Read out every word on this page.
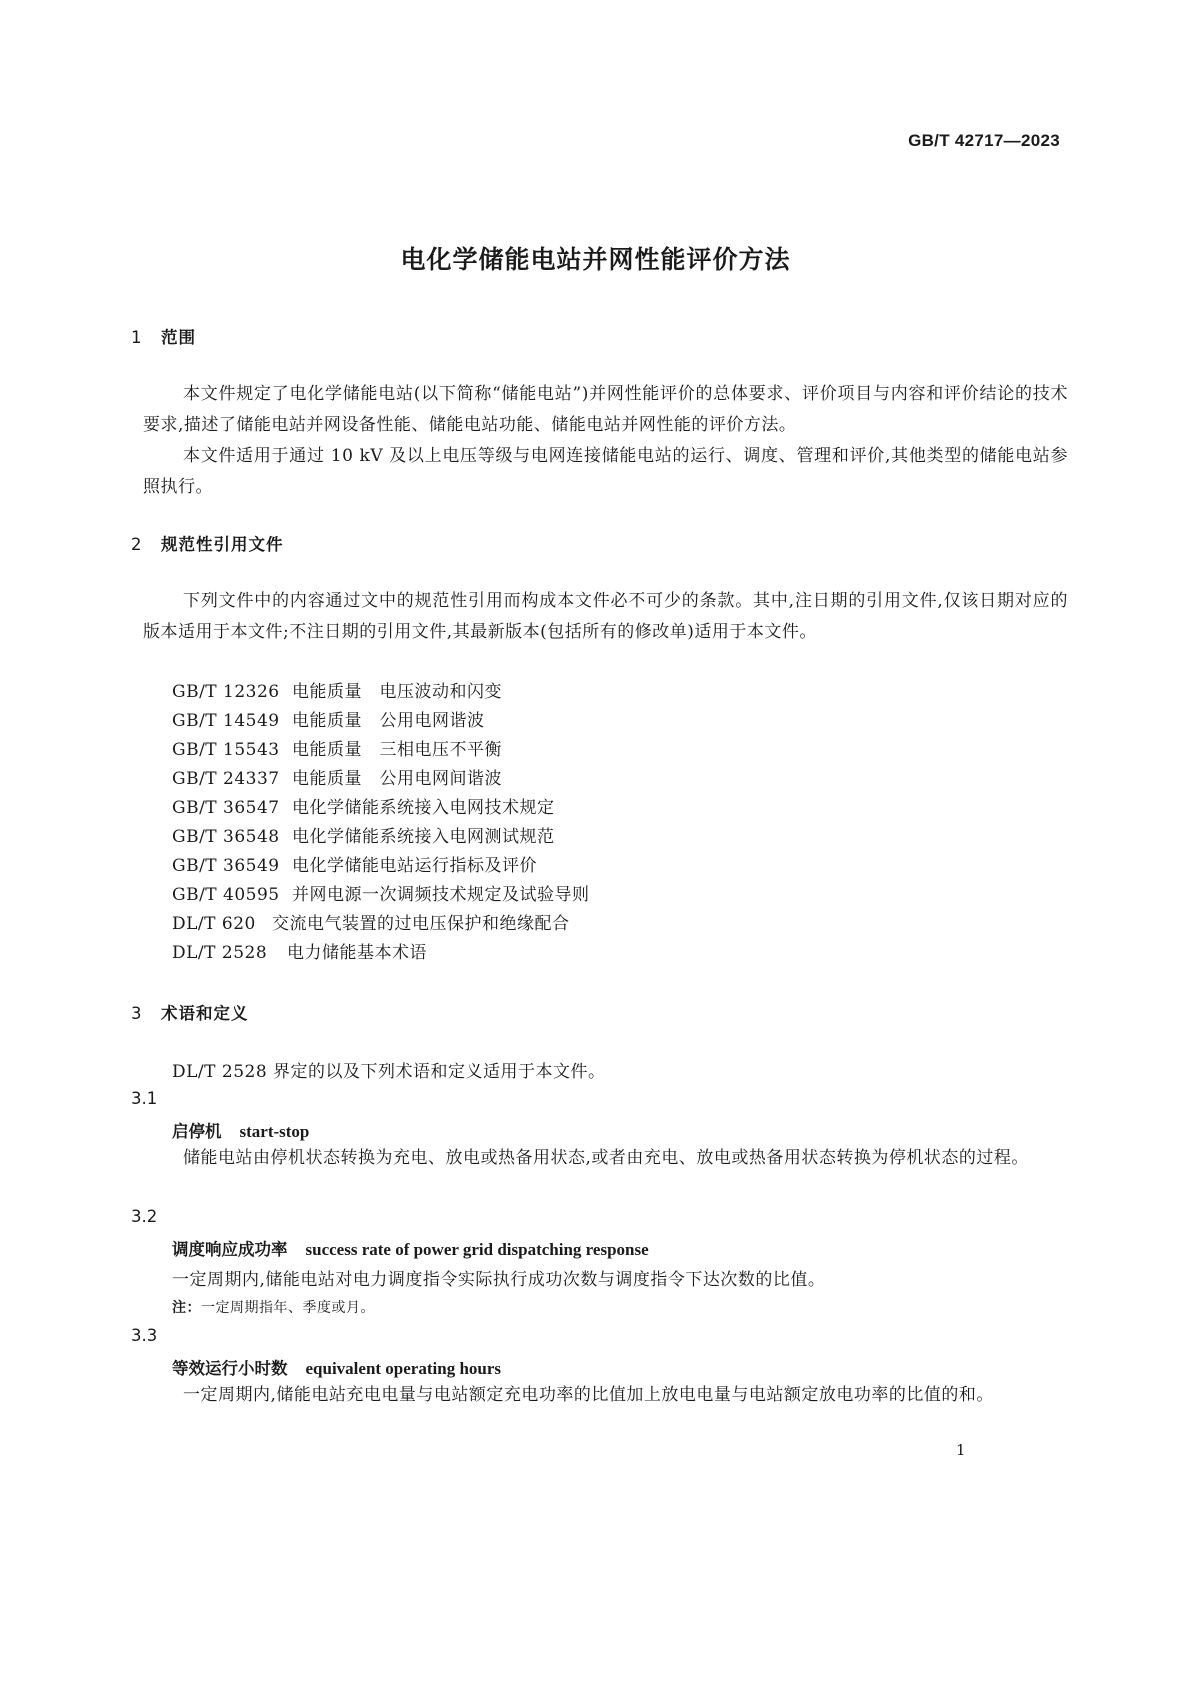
GB/T 42717—2023
电化学储能电站并网性能评价方法
1 范围
本文件规定了电化学储能电站(以下简称“储能电站”)并网性能评价的总体要求、评价项目与内容和评价结论的技术要求,描述了储能电站并网设备性能、储能电站功能、储能电站并网性能的评价方法。
本文件适用于通过 10 kV 及以上电压等级与电网连接储能电站的运行、调度、管理和评价,其他类型的储能电站参照执行。
2 规范性引用文件
下列文件中的内容通过文中的规范性引用而构成本文件必不可少的条款。其中,注日期的引用文件,仅该日期对应的版本适用于本文件;不注日期的引用文件,其最新版本(包括所有的修改单)适用于本文件。
GB/T 12326 电能质量　电压波动和闪变
GB/T 14549 电能质量　公用电网谐波
GB/T 15543 电能质量　三相电压不平衡
GB/T 24337 电能质量　公用电网间谐波
GB/T 36547 电化学储能系统接入电网技术规定
GB/T 36548 电化学储能系统接入电网测试规范
GB/T 36549 电化学储能电站运行指标及评价
GB/T 40595 并网电源一次调频技术规定及试验导则
DL/T 620 交流电气装置的过电压保护和绝缘配合
DL/T 2528 电力储能基本术语
3 术语和定义
DL/T 2528 界定的以及下列术语和定义适用于本文件。
3.1
启停机 start-stop
储能电站由停机状态转换为充电、放电或热备用状态,或者由充电、放电或热备用状态转换为停机状态的过程。
3.2
调度响应成功率 success rate of power grid dispatching response
一定周期内,储能电站对电力调度指令实际执行成功次数与调度指令下达次数的比值。
注：一定周期指年、季度或月。
3.3
等效运行小时数 equivalent operating hours
一定周期内,储能电站充电电量与电站额定充电功率的比值加上放电电量与电站额定放电功率的比值的和。
1
